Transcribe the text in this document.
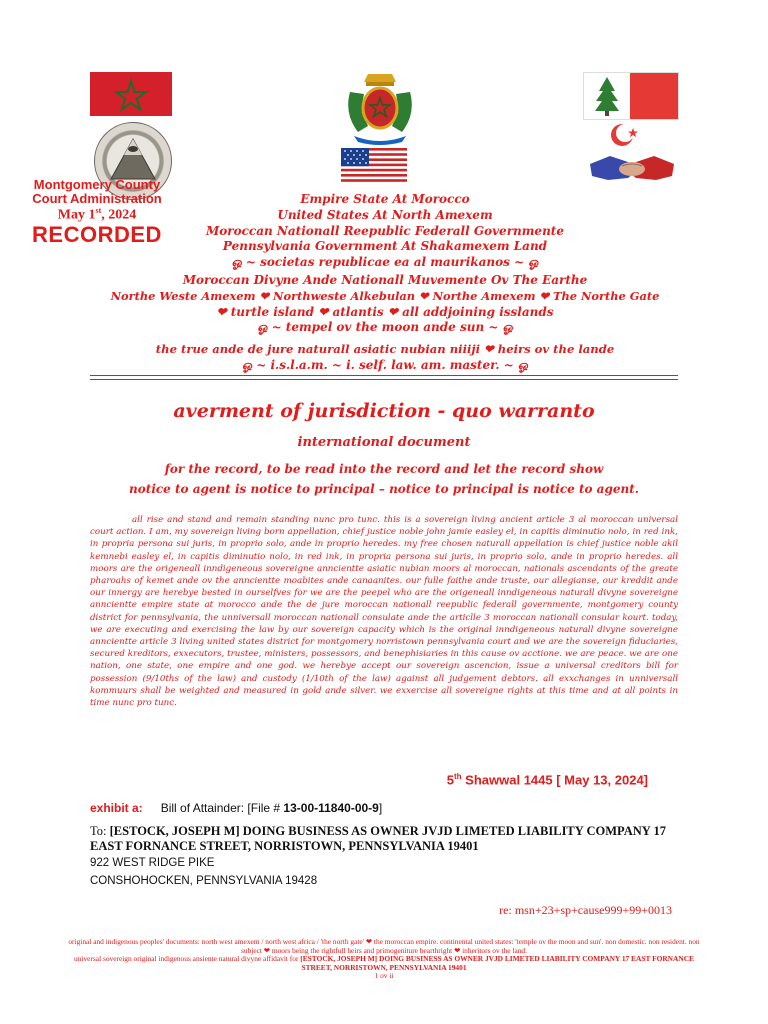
Montgomery County
Court Administration
May 1st, 2024
RECORDED
Empire State At Morocco
United States At North Amexem
Moroccan Nationall Reepublic Federall Governmente
Pennsylvania Government At Shakamexem Land
ஓ ~ societas republicae ea al maurikanos ~ ஓ
Moroccan Divyne Ande Nationall Muvemente Ov The Earthe
Northe Weste Amexem ❤ Northweste Alkebulan ❤ Northe Amexem ❤ The Northe Gate
❤ turtle island ❤ atlantis ❤ all addjoining isslands
ஓ ~ tempel ov the moon ande sun ~ ஓ
the true ande de jure naturall asiatic nubian niiiji ❤ heirs ov the lande
ஓ ~ i.s.l.a.m. ~ i. self. law. am. master. ~ ஓ
averment of jurisdiction - quo warranto
international document
for the record, to be read into the record and let the record show
notice to agent is notice to principal – notice to principal is notice to agent.
all rise and stand and remain standing nunc pro tunc. this is a sovereign living ancient article 3 al moroccan universal court action. I am, my sovereign living born appellation, chief justice noble john jamie easley el, in capitis diminutio nolo, in red ink, in propria persona sui juris, in proprio solo, ande in proprio heredes. my free chosen naturall appellation is chief justice noble akil kemnebi easley el, in capitis diminutio nolo, in red ink, in propria persona sui juris, in proprio solo, ande in proprio heredes. all moors are the origeneall inndigeneous sovereigne anncientte asiatic nubian moors al moroccan, nationals ascendants of the greate pharoahs of kemet ande ov the anncientte moabites ande canaanites. our fulle faithe ande truste, our allegianse, our kreddit ande our innergy are herebye bested in ourselfves for we are the peepel who are the origeneall inndigeneous naturall divyne sovereigne anncientte empire state at morocco ande the de jure moroccan nationall reepublic federall governmente, montgomery county district for pennsylvania, the unniversall moroccan nationall consulate ande the articlle 3 moroccan nationall consular kourt. today, we are executing and exercising the law by our sovereign capacity which is the original inndigeneous naturall divyne sovereigne anncientte article 3 living united states district for montgomery norristown pennsylvania court and we are the sovereign fiduciaries, secured kreditors, exxecutors, trustee, ministers, possessors, and benephisiaries in this cause ov acctione. we are peace. we are one nation, one state, one empire and one god. we herebye accept our sovereign ascencion, issue a universal creditors bill for possession (9/10ths of the law) and custody (1/10th of the law) against all judgement debtors. all exxchanges in unniversall kommuurs shall be weighted and measured in gold ande silver. we exxercise all sovereigne rights at this time and at all points in time nunc pro tunc.
5th Shawwal 1445 [ May 13, 2024]
exhibit a: Bill of Attainder: [File # 13-00-11840-00-9]
To: [ESTOCK, JOSEPH M] DOING BUSINESS AS OWNER JVJD LIMETED LIABILITY COMPANY 17 EAST FORNANCE STREET, NORRISTOWN, PENNSYLVANIA 19401
922 WEST RIDGE PIKE
CONSHOHOCKEN, PENNSYLVANIA 19428
re: msn+23+sp+cause999+99+0013
original and indigenous peoples' documents: north west amexem / north west africa / 'the north gate' ❤ the moroccan empire. continental united states: 'temple ov the moon and sun'. non domestic. non resident. non subject ❤ moors being the rightfull heirs and primogeniture bearthright ❤ inheritors ov the land.
universal sovereign original indigenous ansiente natural divyne affidavit for [ESTOCK, JOSEPH M] DOING BUSINESS AS OWNER JVJD LIMETED LIABILITY COMPANY 17 EAST FORNANCE STREET, NORRISTOWN, PENNSYLVANIA 19401
1 ov ii
